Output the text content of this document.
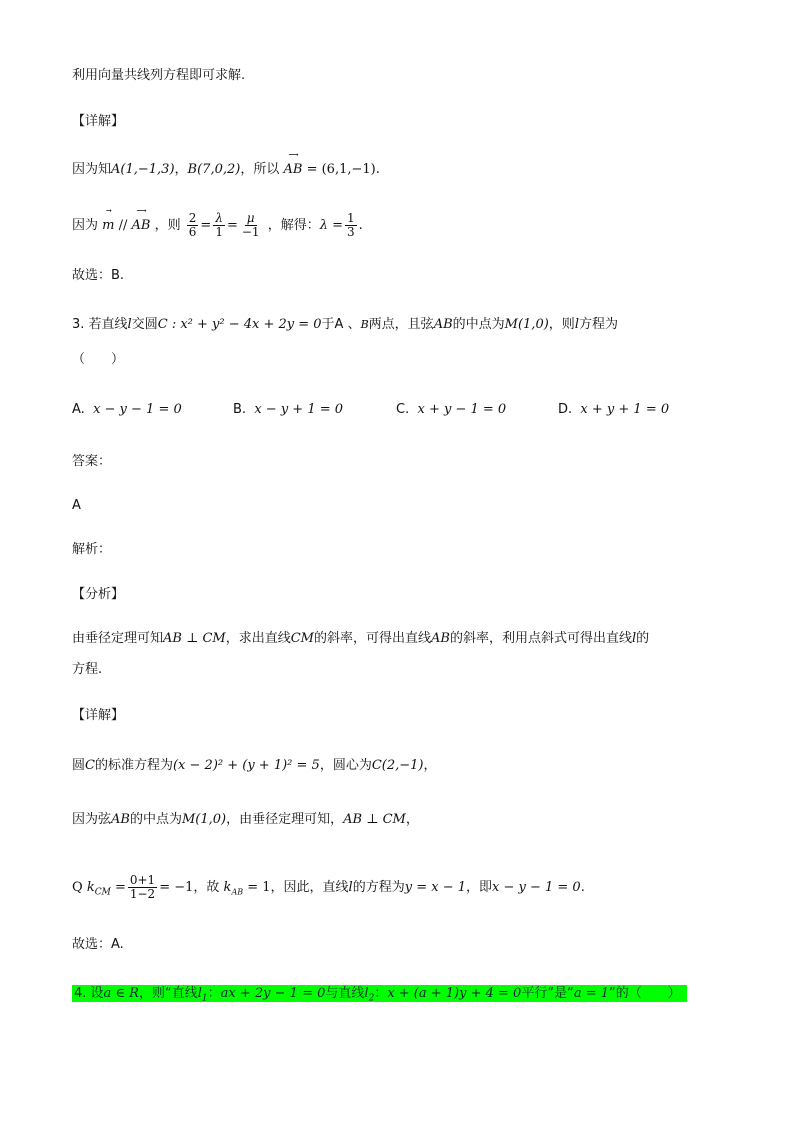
利用向量共线列方程即可求解.
【详解】
因为知A(1,−1,3)，B(7,0,2)，所以
⟶
AB = (6,1,−1).
因为
→
m //
⟶
AB ，则 $\frac{2}{6} = \frac{\lambda}{1} = \frac{\mu}{-1}$ ，解得：$\lambda = \frac{1}{3}$ .
故选：B.
3. 若直线l交圆C : x² + y² − 4x + 2y = 0于A 、B两点，且弦AB的中点为M(1,0)，则l方程为
（　　）
A. x − y − 1 = 0	B. x − y + 1 = 0	C. x + y − 1 = 0	D. x + y + 1 = 0
答案：
A
解析：
【分析】
由垂径定理可知AB ⊥ CM，求出直线CM的斜率，可得出直线AB的斜率，利用点斜式可得出直线l的
方程.
【详解】
圆C的标准方程为(x − 2)² + (y + 1)² = 5，圆心为C(2,−1)，
因为弦AB的中点为M(1,0)，由垂径定理可知，AB ⊥ CM，
Q $k_{CM} = \frac{0+1}{1-2} = -1$，故 $k_{AB} = 1$，因此，直线l的方程为y = x − 1，即x − y − 1 = 0.
故选：A.
4. 设a ∈ R，则“直线$l_1$：ax + 2y − 1 = 0与直线$l_2$：x + (a + 1)y + 4 = 0平行”是“a = 1”的（　　）
